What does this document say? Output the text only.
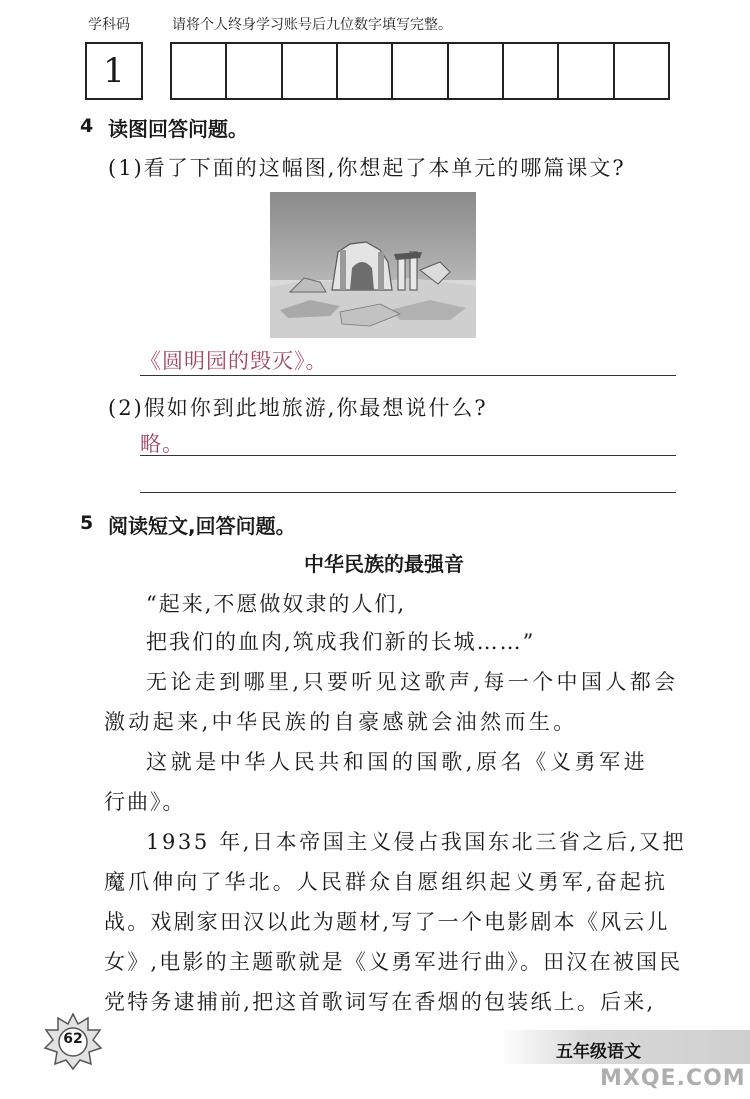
学科码	请将个人终身学习账号后九位数字填写完整。
1
4 读图回答问题。
(1)看了下面的这幅图,你想起了本单元的哪篇课文?
《圆明园的毁灭》。
(2)假如你到此地旅游,你最想说什么?
略。
5 阅读短文,回答问题。
中华民族的最强音
“起来,不愿做奴隶的人们,
把我们的血肉,筑成我们新的长城……”
无论走到哪里,只要听见这歌声,每一个中国人都会
激动起来,中华民族的自豪感就会油然而生。
这就是中华人民共和国的国歌,原名《义勇军进
行曲》。
1935 年,日本帝国主义侵占我国东北三省之后,又把
魔爪伸向了华北。人民群众自愿组织起义勇军,奋起抗
战。戏剧家田汉以此为题材,写了一个电影剧本《风云儿
女》,电影的主题歌就是《义勇军进行曲》。田汉在被国民
党特务逮捕前,把这首歌词写在香烟的包装纸上。后来,
62
五年级语文
MXQE.COM
